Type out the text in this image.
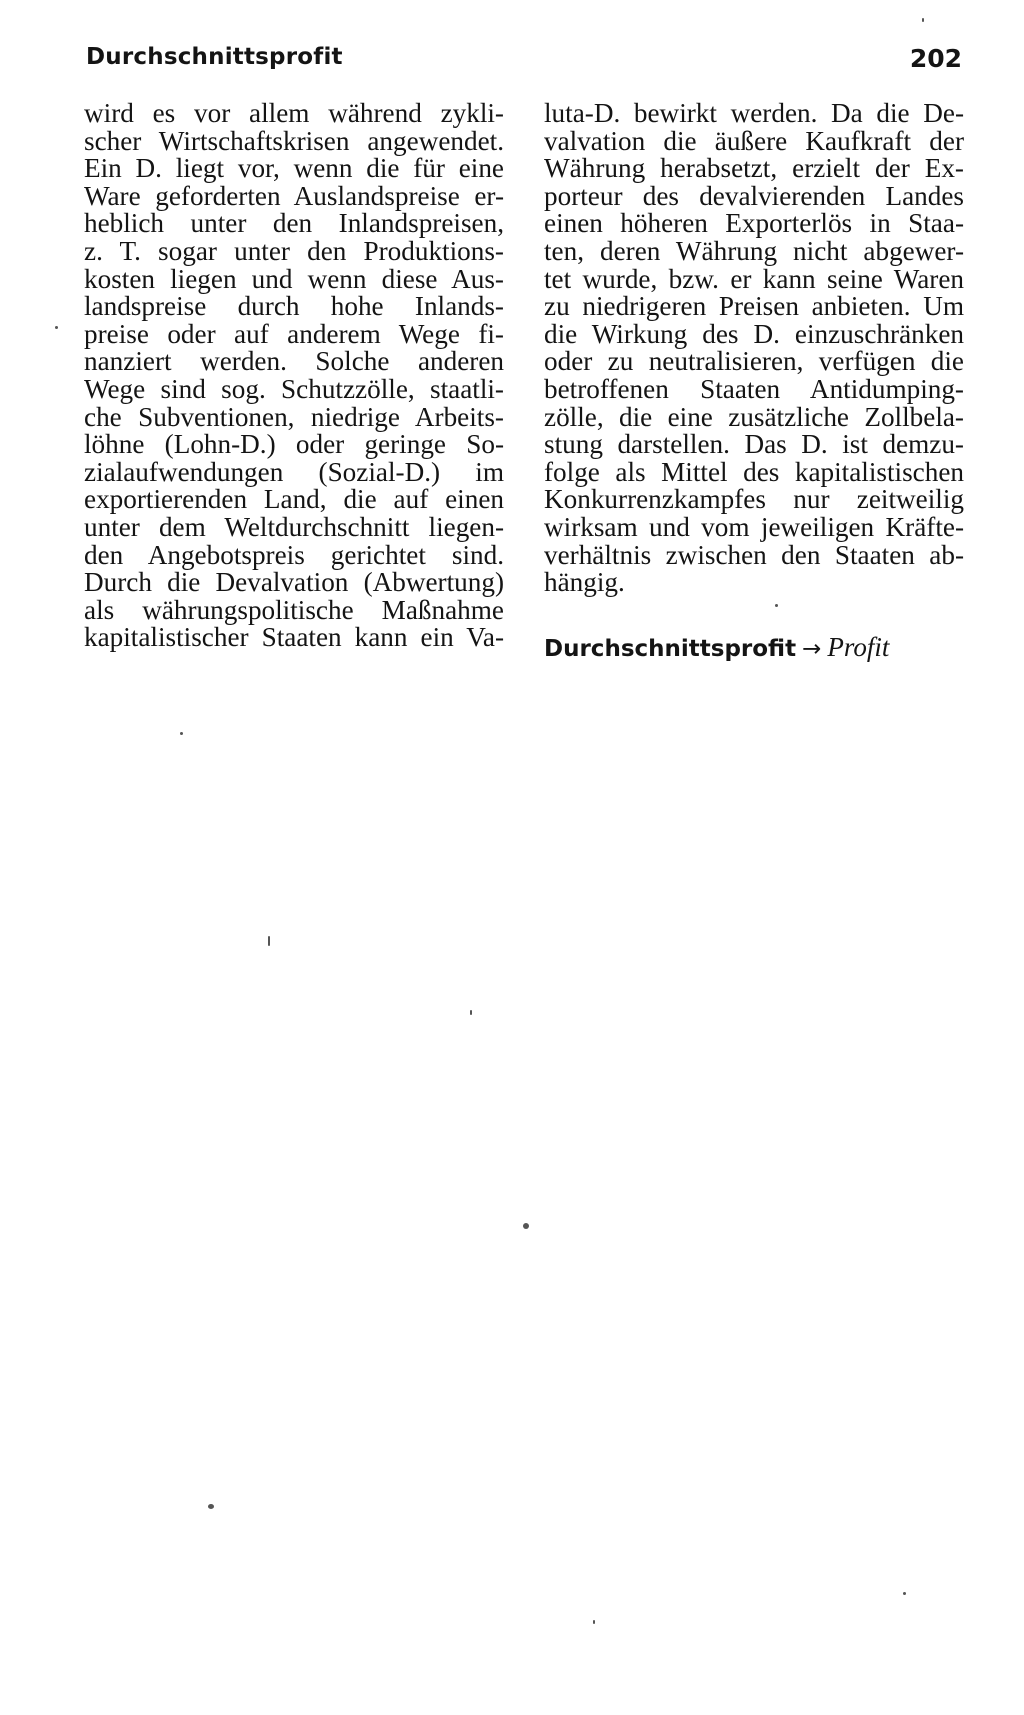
Durchschnittsprofit	202
wird es vor allem während zykli-
scher Wirtschaftskrisen angewendet.
Ein D. liegt vor, wenn die für eine
Ware geforderten Auslandspreise er-
heblich unter den Inlandspreisen,
z. T. sogar unter den Produktions-
kosten liegen und wenn diese Aus-
landspreise durch hohe Inlands-
preise oder auf anderem Wege fi-
nanziert werden. Solche anderen
Wege sind sog. Schutzzölle, staatli-
che Subventionen, niedrige Arbeits-
löhne (Lohn-D.) oder geringe So-
zialaufwendungen (Sozial-D.) im
exportierenden Land, die auf einen
unter dem Weltdurchschnitt liegen-
den Angebotspreis gerichtet sind.
Durch die Devalvation (Abwertung)
als währungspolitische Maßnahme
kapitalistischer Staaten kann ein Va-
luta-D. bewirkt werden. Da die De-
valvation die äußere Kaufkraft der
Währung herabsetzt, erzielt der Ex-
porteur des devalvierenden Landes
einen höheren Exporterlös in Staa-
ten, deren Währung nicht abgewer-
tet wurde, bzw. er kann seine Waren
zu niedrigeren Preisen anbieten. Um
die Wirkung des D. einzuschränken
oder zu neutralisieren, verfügen die
betroffenen Staaten Antidumping-
zölle, die eine zusätzliche Zollbela-
stung darstellen. Das D. ist demzu-
folge als Mittel des kapitalistischen
Konkurrenzkampfes nur zeitweilig
wirksam und vom jeweiligen Kräfte-
verhältnis zwischen den Staaten ab-
hängig.
Durchschnittsprofit → Profit
